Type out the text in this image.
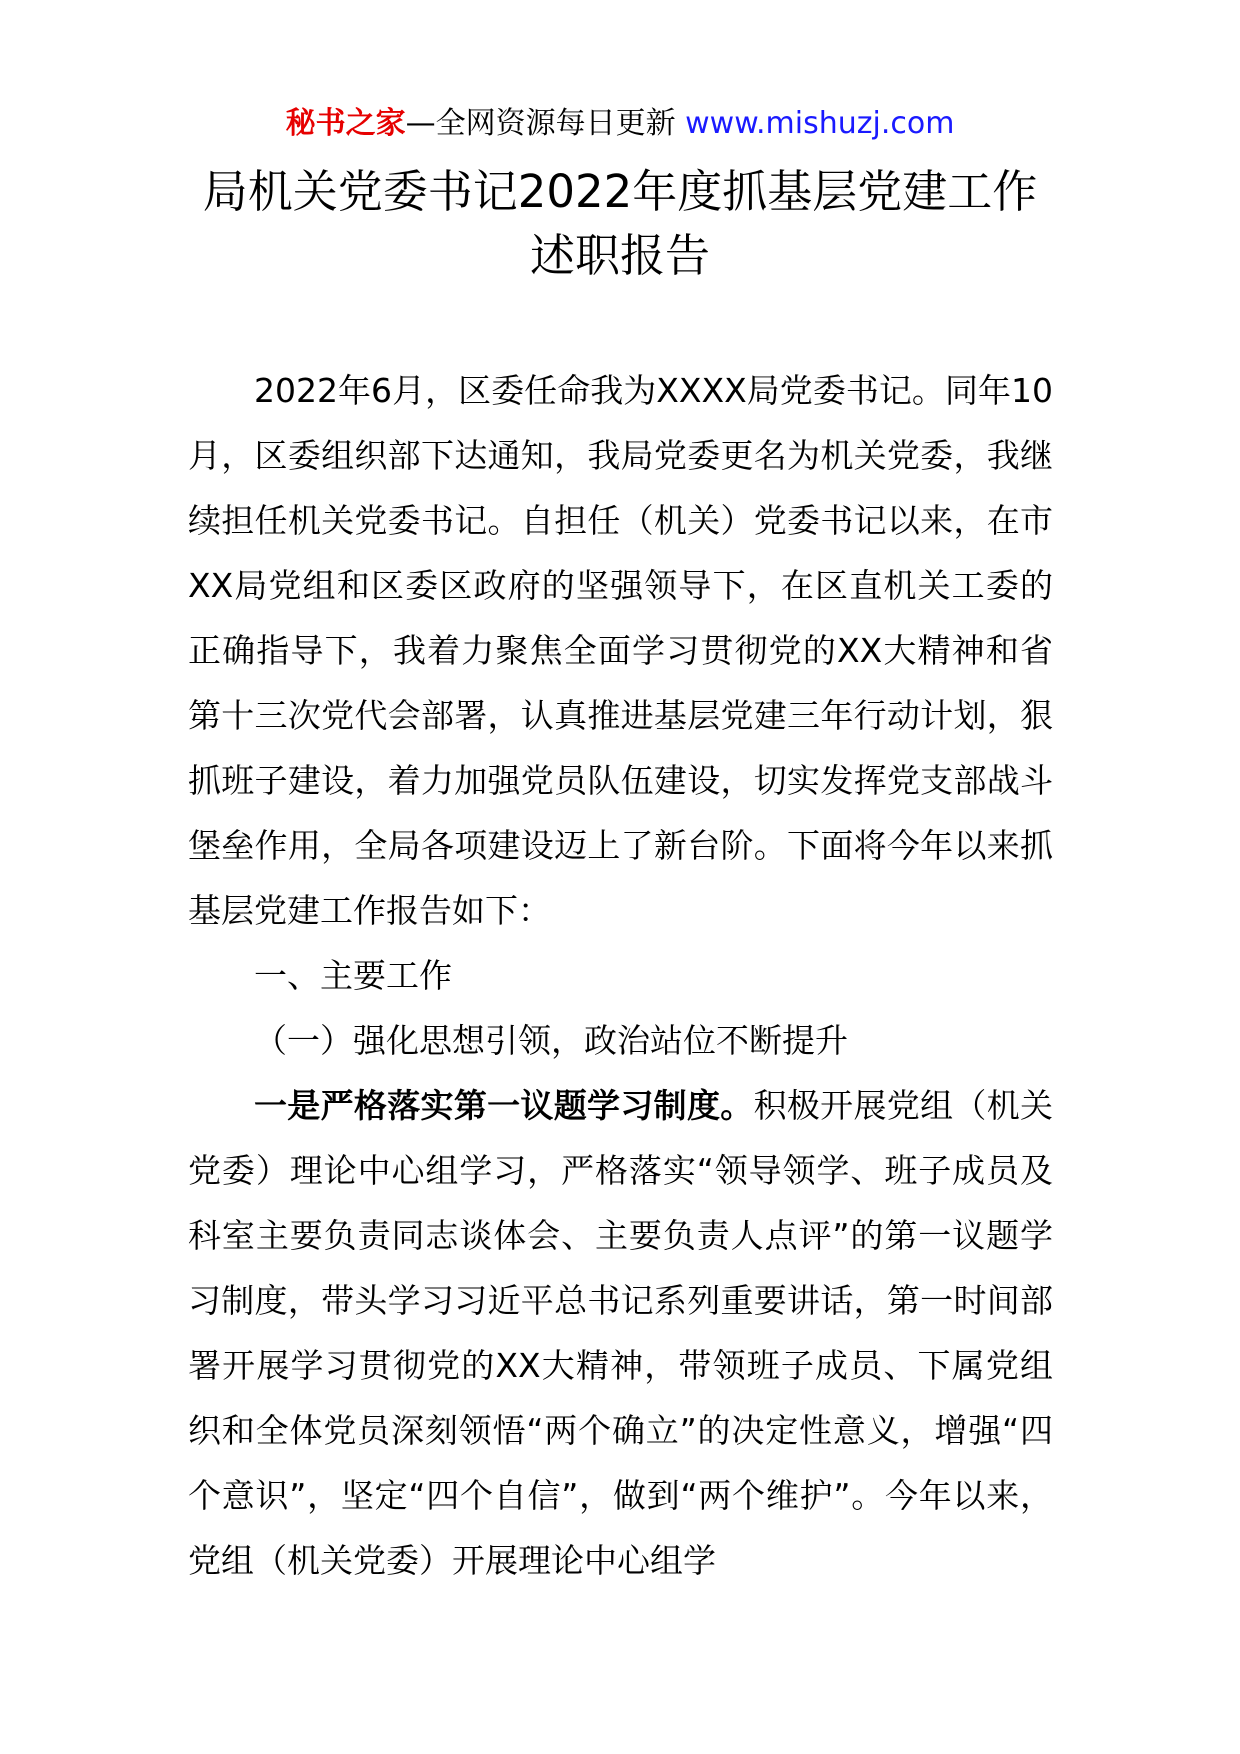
秘书之家—全网资源每日更新 www.mishuzj.com
局机关党委书记2022年度抓基层党建工作
述职报告

2022年6月，区委任命我为XXXX局党委书记。同年10月，区委组织部下达通知，我局党委更名为机关党委，我继续担任机关党委书记。自担任（机关）党委书记以来，在市XX局党组和区委区政府的坚强领导下，在区直机关工委的正确指导下，我着力聚焦全面学习贯彻党的XX大精神和省第十三次党代会部署，认真推进基层党建三年行动计划，狠抓班子建设，着力加强党员队伍建设，切实发挥党支部战斗堡垒作用，全局各项建设迈上了新台阶。下面将今年以来抓基层党建工作报告如下：

一、主要工作

（一）强化思想引领，政治站位不断提升

一是严格落实第一议题学习制度。积极开展党组（机关党委）理论中心组学习，严格落实“领导领学、班子成员及科室主要负责同志谈体会、主要负责人点评”的第一议题学习制度，带头学习习近平总书记系列重要讲话，第一时间部署开展学习贯彻党的XX大精神，带领班子成员、下属党组织和全体党员深刻领悟“两个确立”的决定性意义，增强“四个意识”，坚定“四个自信”，做到“两个维护”。今年以来，党组（机关党委）开展理论中心组学
